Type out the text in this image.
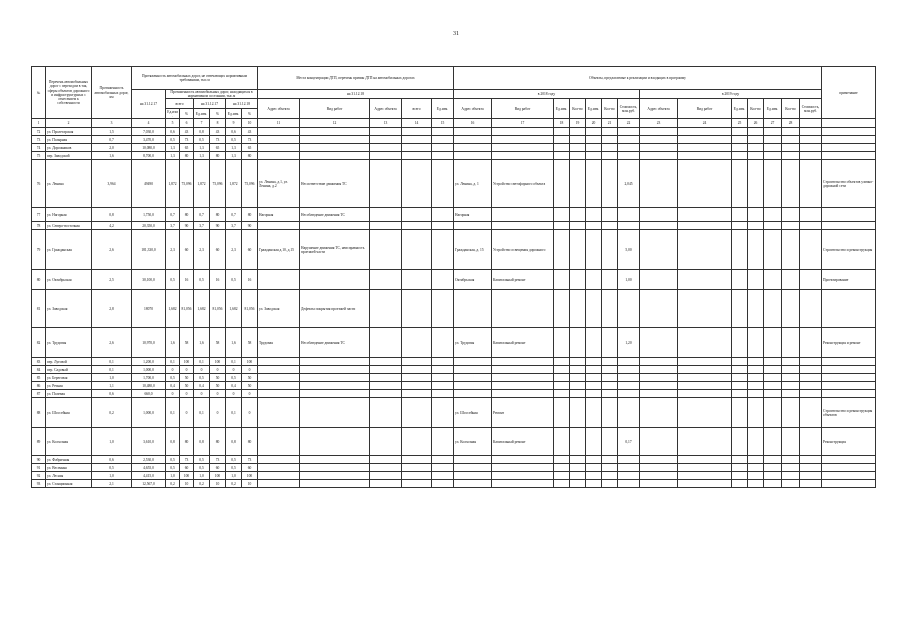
31
№	Перечень автомобильных дорог с переходом в так, сферы объектов дорожного и инфраструктурных с отнесением к собственности	Протяженность автомобильных дорог, км	Протяженность автомобильных дорог, не отвечающих нормативным требованиям, тыс.м							Места концентрации ДТП, перечень причин ДТП на автомобильных дорогах					Объекты, предлагаемые к реализации и входящих в программу														примечание
			на 31.12.17	Протяженность автомобильных дорог, находящихся в нормативном состоянии, тыс.м						на 31.12.18					в 2018 году							в 2019 году							
				всего		на 31.12.17		на 31.12.18		Адрес объекта	Вид работ	Адрес объекта	всего	Ед.изм.	Адрес объекта	Вид работ	Ед.изм.	Кол-во	Ед.изм.	Кол-во	Стоимость, млн.руб.	Адрес объекта	Вид работ	Ед.изм.	Кол-во	Ед.изм.	Кол-во	Стоимость, млн.руб.	
				Ед.изм.	%	Ед.изм.	%	Ед.изм.	%																				
1	2	3	4	5	6	7	8	9	10	11	12	13	14	15	16	17	18	19	20	21	22	23	24	25	26	27	28		
72	ул. Пролетарская	1,5	7,030,0	0,6	43	0,8	43	0,6	43																				
73	ул. Полярная	0,7	3,470,0	0,5	73	0,5	73	0,5	73																				
74	ул. Дорожников	2,0	10,080,0	1,3	65	1,3	65	1,3	65																				
75	пер. Заводской	1,6	8,700,0	1,3	80	1,3	80	1,3	80																				
76	ул. Ленина	3,964	49490	1,872	75,096	1,872	75,096	1,872	75,096	ул. Ленина, д.1, ул. Ленина, д.2	Несоответствие движения ТС				ул. Ленина, д. 1	Устройство светофорного объекта					2,045								Строительство объектов улично-дорожной сети
77	ул. Нагорная	0,8	1,750,0	0,7	80	0,7	80	0,7	80	Нагорная	Несоблюдение движения ТС				Нагорная														
78	ул. Северо-восточная	4,2	20,350,0	3,7	90	3,7	90	3,7	90																				
79	ул. Гражданская	2,6	181,330,0	2,3	60	2,3	60	2,3	60	Гражданская д.10, д.15	Нарушение движения ТС, неисправность проезжей части				Гражданская, д. 15	Устройство освещения дорожного					5,00								Строительство и реконструкция
80	ул. Октябрьская	2,5	30,100,0	0,5	16	0,5	16	0,5	16						Октябрьская	Капитальный ремонт					1,00								Проектирование
81	ул. Заводская	2,8	18070	1,682	81,056	1,682	81,056	1,682	81,056	ул. Заводская	Дефекты покрытия проезжей части																		
82	ул. Трудовая	2,6	10,970,0	1,6	58	1,6	58	1,6	58	Трудовая	Несоблюдение движения ТС				ул. Трудовая	Капитальный ремонт					1,20								Реконструкция и ремонт
83	пер. Луговой	0,1	1,200,0	0,1	100	0,1	100	0,1	100																				
84	пер. Садовый	0,1	1,000,0	0	0	0	0	0	0																				
85	ул. Береговая	1,0	1,700,0	0,5	50	0,5	50	0,5	50																				
86	ул. Речная	1,1	10,480,0	0,4	50	0,4	50	0,4	50																				
87	ул. Полевая	0,6	660,0	0	0	0	0	0	0																				
88	ул. Шоссейная	0,2	1,000,0	0,1	0	0,1	0	0,1	0						ул. Шоссейная	Ремонт													Строительство и реконструкция объектов
89	ул. Колхозная	1,0	3,610,0	0,8	80	0,8	80	0,8	80						ул. Колхозная	Капитальный ремонт					0,17								Реконструкция
90	ул. Фабричная	0,6	2,530,0	0,5	73	0,5	73	0,5	73																				
91	ул. Весенняя	0,5	4,655,0	0,5	60	0,5	60	0,5	60																				
92	ул. Лесная	1,0	4,415,0	1,0	100	1,0	100	1,0	100																				
93	ул. Станционная	2,1	12,567,0	0,2	10	0,2	10	0,2	10																				
